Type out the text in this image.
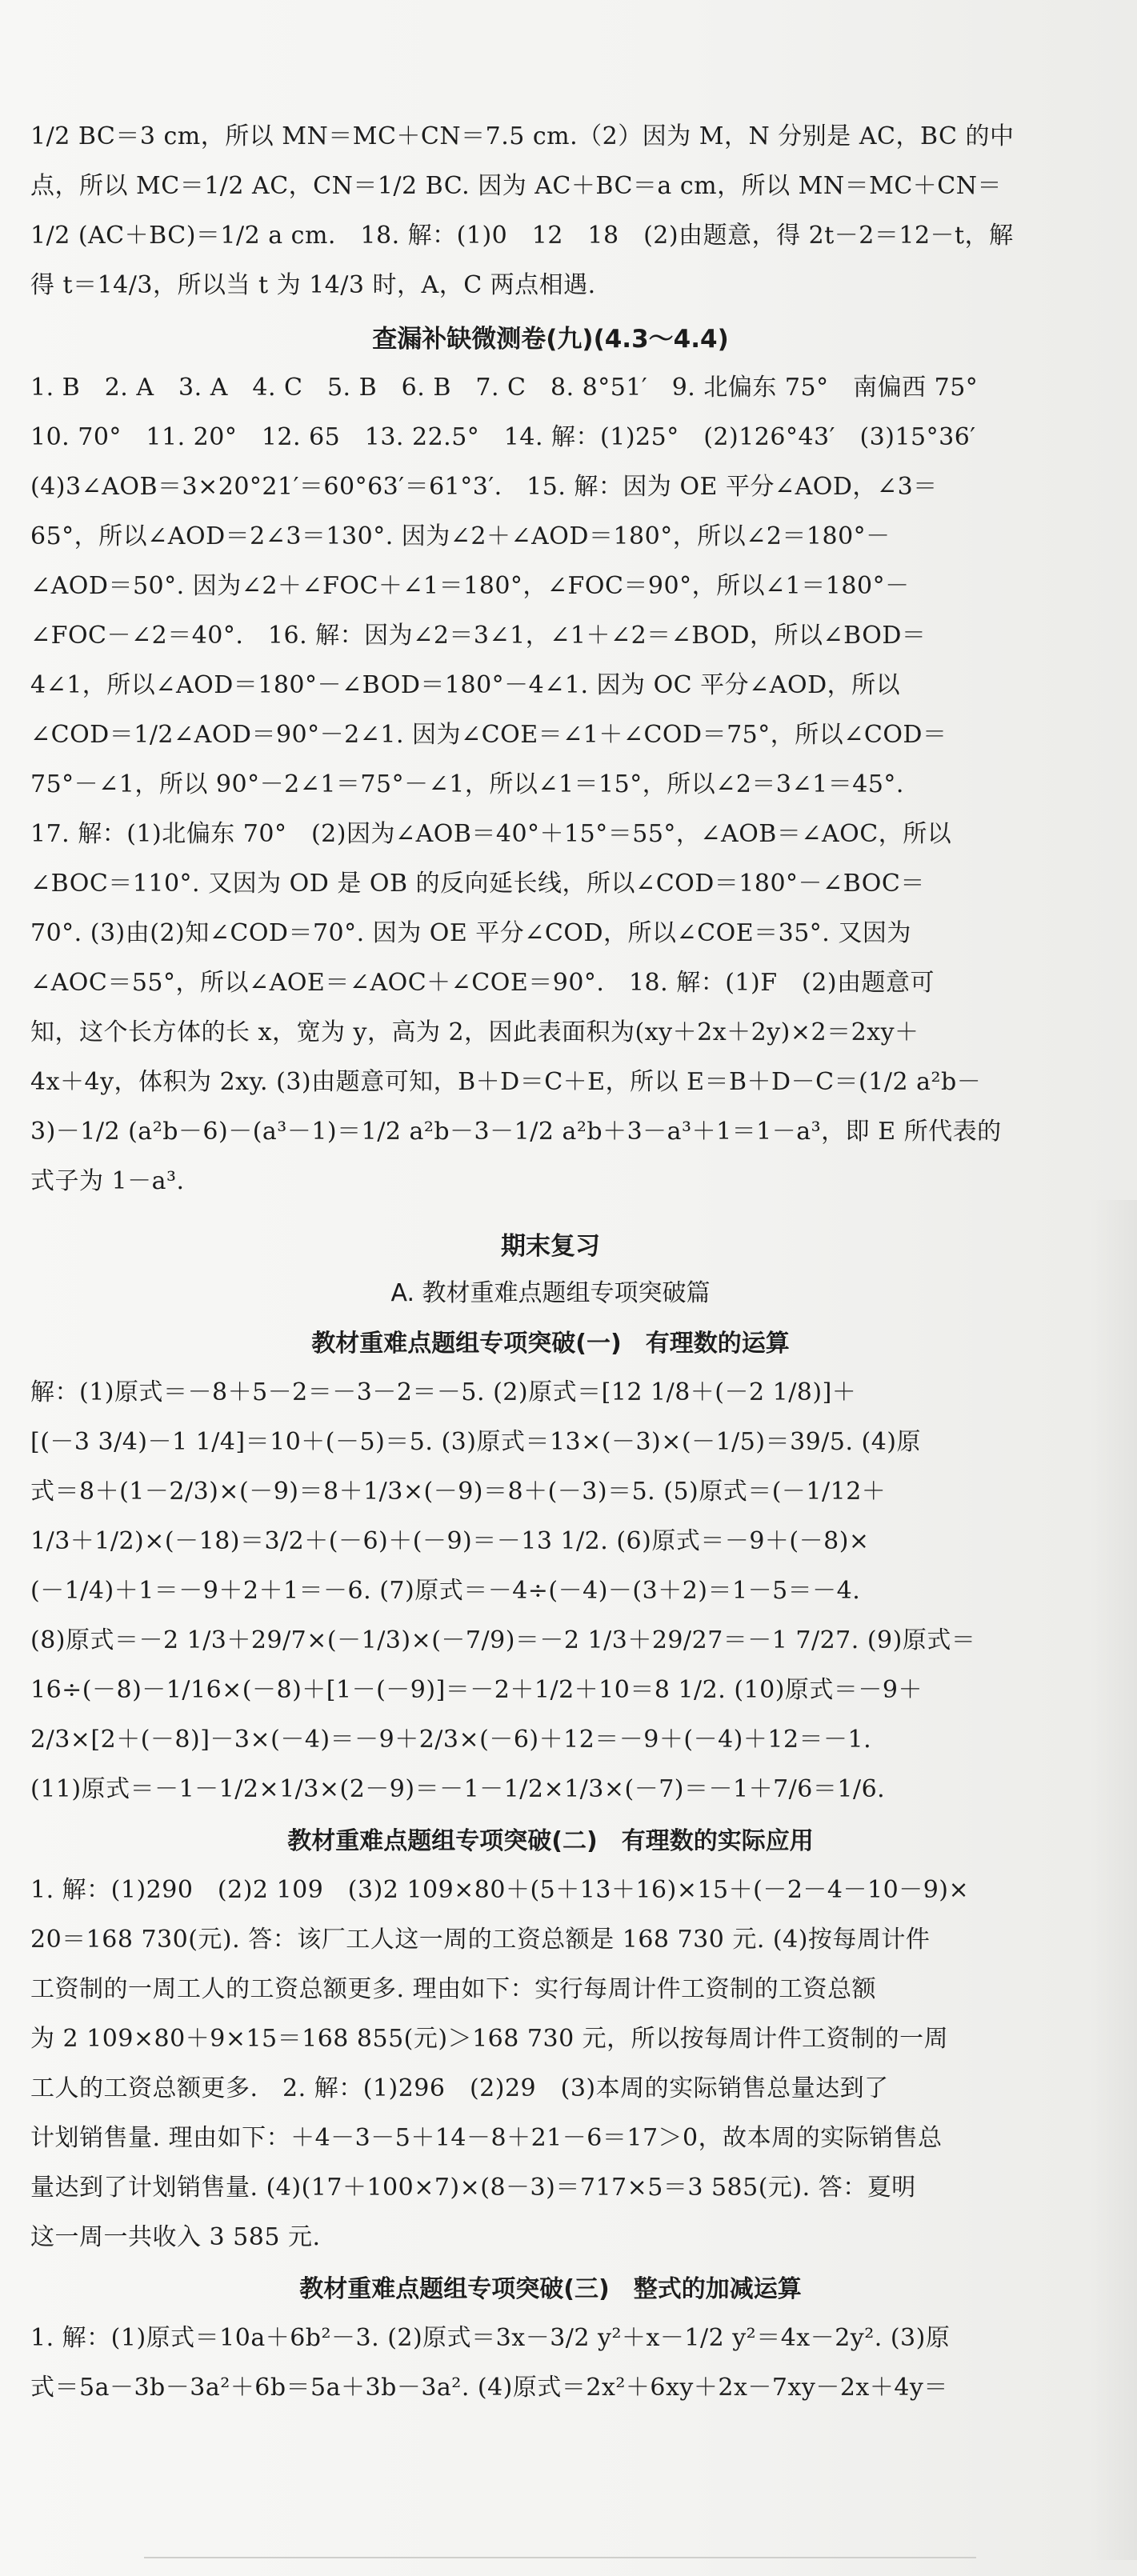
1/2 BC＝3 cm，所以 MN＝MC＋CN＝7.5 cm.（2）因为 M，N 分别是 AC，BC 的中
点，所以 MC＝1/2 AC，CN＝1/2 BC. 因为 AC＋BC＝a cm，所以 MN＝MC＋CN＝
1/2 (AC＋BC)＝1/2 a cm.　18. 解：(1)0　12　18　(2)由题意，得 2t－2＝12－t，解
得 t＝14/3，所以当 t 为 14/3 时，A，C 两点相遇.
查漏补缺微测卷(九)(4.3～4.4)
1. B　2. A　3. A　4. C　5. B　6. B　7. C　8. 8°51′　9. 北偏东 75°　南偏西 75°
10. 70°　11. 20°　12. 65　13. 22.5°　14. 解：(1)25°　(2)126°43′　(3)15°36′
(4)3∠AOB＝3×20°21′＝60°63′＝61°3′.　15. 解：因为 OE 平分∠AOD，∠3＝
65°，所以∠AOD＝2∠3＝130°. 因为∠2＋∠AOD＝180°，所以∠2＝180°－
∠AOD＝50°. 因为∠2＋∠FOC＋∠1＝180°，∠FOC＝90°，所以∠1＝180°－
∠FOC－∠2＝40°.　16. 解：因为∠2＝3∠1，∠1＋∠2＝∠BOD，所以∠BOD＝
4∠1，所以∠AOD＝180°－∠BOD＝180°－4∠1. 因为 OC 平分∠AOD，所以
∠COD＝1/2∠AOD＝90°－2∠1. 因为∠COE＝∠1＋∠COD＝75°，所以∠COD＝
75°－∠1，所以 90°－2∠1＝75°－∠1，所以∠1＝15°，所以∠2＝3∠1＝45°.
17. 解：(1)北偏东 70°　(2)因为∠AOB＝40°＋15°＝55°，∠AOB＝∠AOC，所以
∠BOC＝110°. 又因为 OD 是 OB 的反向延长线，所以∠COD＝180°－∠BOC＝
70°. (3)由(2)知∠COD＝70°. 因为 OE 平分∠COD，所以∠COE＝35°. 又因为
∠AOC＝55°，所以∠AOE＝∠AOC＋∠COE＝90°.　18. 解：(1)F　(2)由题意可
知，这个长方体的长 x，宽为 y，高为 2，因此表面积为(xy＋2x＋2y)×2＝2xy＋
4x＋4y，体积为 2xy. (3)由题意可知，B＋D＝C＋E，所以 E＝B＋D－C＝(1/2 a²b－
3)－1/2 (a²b－6)－(a³－1)＝1/2 a²b－3－1/2 a²b＋3－a³＋1＝1－a³，即 E 所代表的
式子为 1－a³.
期末复习
A. 教材重难点题组专项突破篇
教材重难点题组专项突破(一)　有理数的运算
解：(1)原式＝－8＋5－2＝－3－2＝－5. (2)原式＝[12 1/8＋(－2 1/8)]＋
[(－3 3/4)－1 1/4]＝10＋(－5)＝5. (3)原式＝13×(－3)×(－1/5)＝39/5. (4)原
式＝8＋(1－2/3)×(－9)＝8＋1/3×(－9)＝8＋(－3)＝5. (5)原式＝(－1/12＋
1/3＋1/2)×(－18)＝3/2＋(－6)＋(－9)＝－13 1/2. (6)原式＝－9＋(－8)×
(－1/4)＋1＝－9＋2＋1＝－6. (7)原式＝－4÷(－4)－(3＋2)＝1－5＝－4.
(8)原式＝－2 1/3＋29/7×(－1/3)×(－7/9)＝－2 1/3＋29/27＝－1 7/27. (9)原式＝
16÷(－8)－1/16×(－8)＋[1－(－9)]＝－2＋1/2＋10＝8 1/2. (10)原式＝－9＋
2/3×[2＋(－8)]－3×(－4)＝－9＋2/3×(－6)＋12＝－9＋(－4)＋12＝－1.
(11)原式＝－1－1/2×1/3×(2－9)＝－1－1/2×1/3×(－7)＝－1＋7/6＝1/6.
教材重难点题组专项突破(二)　有理数的实际应用
1. 解：(1)290　(2)2 109　(3)2 109×80＋(5＋13＋16)×15＋(－2－4－10－9)×
20＝168 730(元). 答：该厂工人这一周的工资总额是 168 730 元. (4)按每周计件
工资制的一周工人的工资总额更多. 理由如下：实行每周计件工资制的工资总额
为 2 109×80＋9×15＝168 855(元)＞168 730 元，所以按每周计件工资制的一周
工人的工资总额更多.　2. 解：(1)296　(2)29　(3)本周的实际销售总量达到了
计划销售量. 理由如下：＋4－3－5＋14－8＋21－6＝17＞0，故本周的实际销售总
量达到了计划销售量. (4)(17＋100×7)×(8－3)＝717×5＝3 585(元). 答：夏明
这一周一共收入 3 585 元.
教材重难点题组专项突破(三)　整式的加减运算
1. 解：(1)原式＝10a＋6b²－3. (2)原式＝3x－3/2 y²＋x－1/2 y²＝4x－2y². (3)原
式＝5a－3b－3a²＋6b＝5a＋3b－3a². (4)原式＝2x²＋6xy＋2x－7xy－2x＋4y＝
